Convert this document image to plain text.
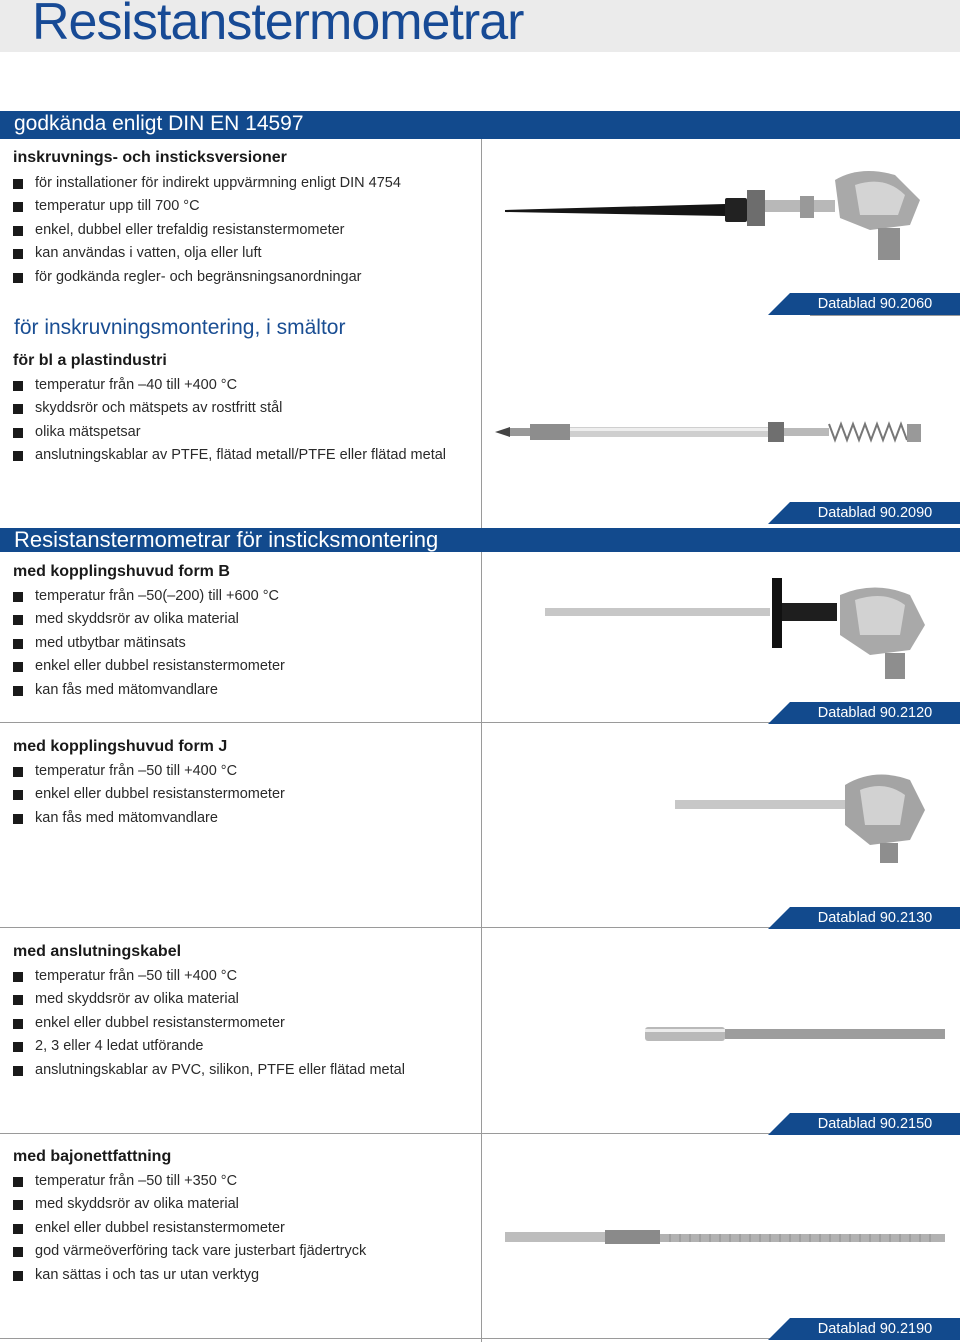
Resistanstermometrar
godkända enligt DIN EN 14597
Resistanstermometrar för insticksmontering
inskruvnings- och insticksversioner
för installationer för indirekt uppvärmning enligt DIN 4754
temperatur upp till 700 °C
enkel, dubbel eller trefaldig resistanstermometer
kan användas i vatten, olja eller luft
för godkända regler- och begränsningsanordningar
Datablad 90.2060
för inskruvningsmontering, i smältor
för bl a plastindustri
temperatur från –40 till +400 °C
skyddsrör och mätspets av rostfritt stål
olika mätspetsar
anslutningskablar av PTFE, flätad metall/PTFE eller flätad metal
Datablad 90.2090
med kopplingshuvud form B
temperatur från –50(–200) till +600 °C
med skyddsrör av olika material
med utbytbar mätinsats
enkel eller dubbel resistanstermometer
kan fås med mätomvandlare
Datablad 90.2120
med kopplingshuvud form J
temperatur från –50 till +400 °C
enkel eller dubbel resistanstermometer
kan fås med mätomvandlare
Datablad 90.2130
med anslutningskabel
temperatur från –50 till +400 °C
med skyddsrör av olika material
enkel eller dubbel resistanstermometer
2, 3 eller 4 ledat utförande
anslutningskablar av PVC, silikon, PTFE eller flätad metal
Datablad 90.2150
med bajonettfattning
temperatur från –50 till +350 °C
med skyddsrör av olika material
enkel eller dubbel resistanstermometer
god värmeöverföring tack vare justerbart fjädertryck
kan sättas i och tas ur utan verktyg
Datablad 90.2190
